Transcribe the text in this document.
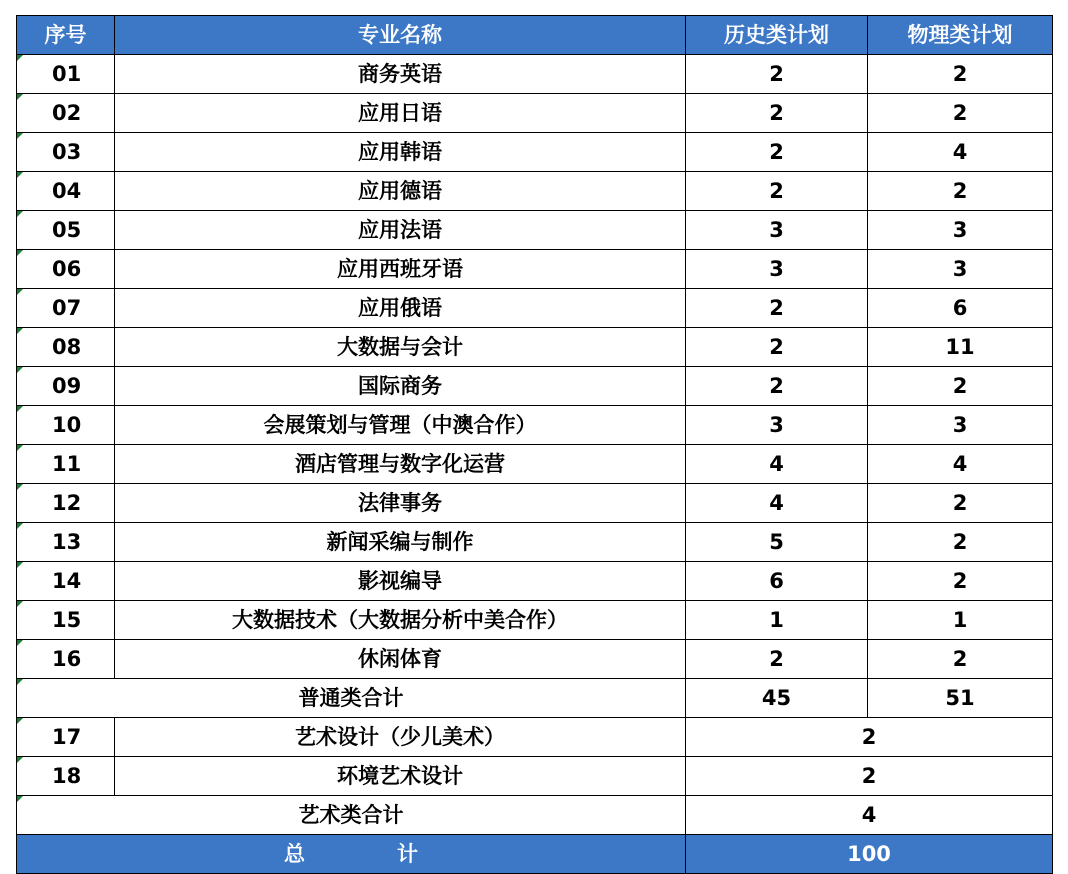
序号	专业名称	历史类计划	物理类计划
01	商务英语	2	2
02	应用日语	2	2
03	应用韩语	2	4
04	应用德语	2	2
05	应用法语	3	3
06	应用西班牙语	3	3
07	应用俄语	2	6
08	大数据与会计	2	11
09	国际商务	2	2
10	会展策划与管理（中澳合作）	3	3
11	酒店管理与数字化运营	4	4
12	法律事务	4	2
13	新闻采编与制作	5	2
14	影视编导	6	2
15	大数据技术（大数据分析中美合作）	1	1
16	休闲体育	2	2
普通类合计		45	51
17	艺术设计（少儿美术）	2	
18	环境艺术设计	2	
艺术类合计		4	
总 计		100	
